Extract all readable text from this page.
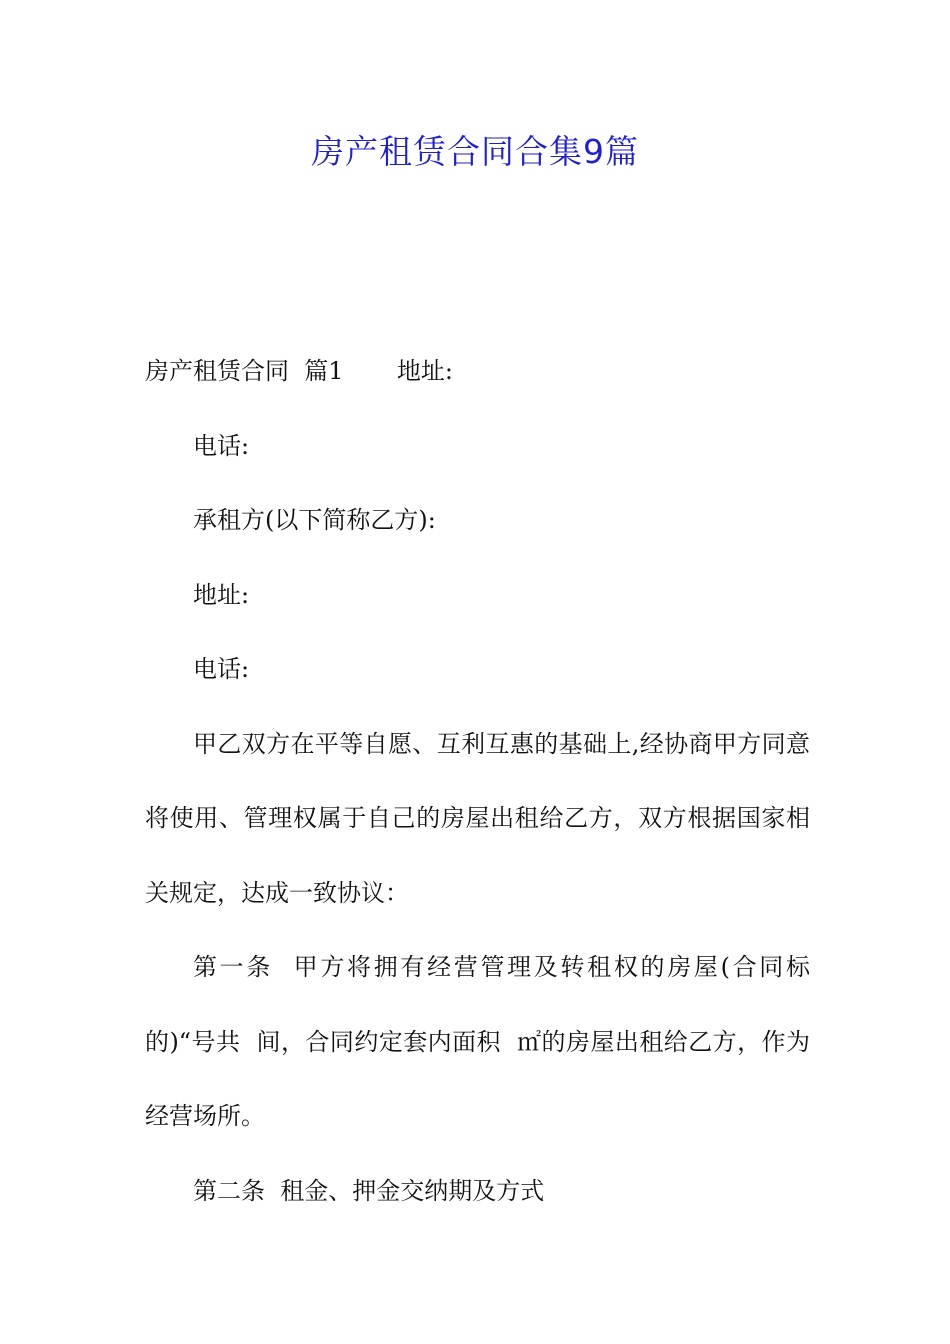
房产租赁合同合集9篇

房产租赁合同  篇1       地址:

电话:

承租方(以下简称乙方):

地址:

电话:

甲乙双方在平等自愿、互利互惠的基础上,经协商甲方同意将使用、管理权属于自己的房屋出租给乙方，双方根据国家相关规定，达成一致协议：

第一条  甲方将拥有经营管理及转租权的房屋(合同标的)“号共  间，合同约定套内面积  ㎡的房屋出租给乙方，作为  经营场所。

第二条  租金、押金交纳期及方式
